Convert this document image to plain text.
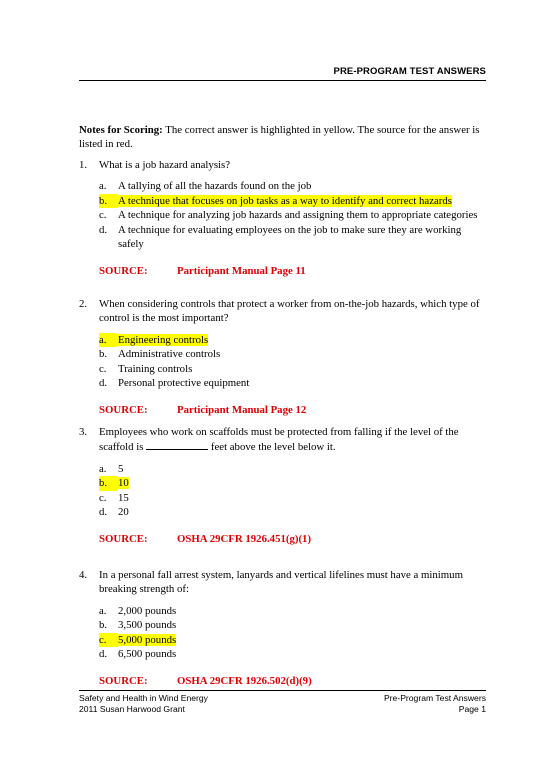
PRE-PROGRAM TEST ANSWERS
Notes for Scoring: The correct answer is highlighted in yellow. The source for the answer is listed in red.
1.	What is a job hazard analysis?
a.	A tallying of all the hazards found on the job
b.	A technique that focuses on job tasks as a way to identify and correct hazards
c.	A technique for analyzing job hazards and assigning them to appropriate categories
d.	A technique for evaluating employees on the job to make sure they are working safely
SOURCE:	Participant Manual Page 11
2.	When considering controls that protect a worker from on-the-job hazards, which type of control is the most important?
a.	Engineering controls
b.	Administrative controls
c.	Training controls
d.	Personal protective equipment
SOURCE:	Participant Manual Page 12
3.	Employees who work on scaffolds must be protected from falling if the level of the scaffold is	feet above the level below it.
a.	5
b.	10
c.	15
d.	20
SOURCE:	OSHA 29CFR 1926.451(g)(1)
4.	In a personal fall arrest system, lanyards and vertical lifelines must have a minimum breaking strength of:
a.	2,000 pounds
b.	3,500 pounds
c.	5,000 pounds
d.	6,500 pounds
SOURCE:	OSHA 29CFR 1926.502(d)(9)
Safety and Health in Wind Energy	Pre-Program Test Answers
2011 Susan Harwood Grant	Page 1
